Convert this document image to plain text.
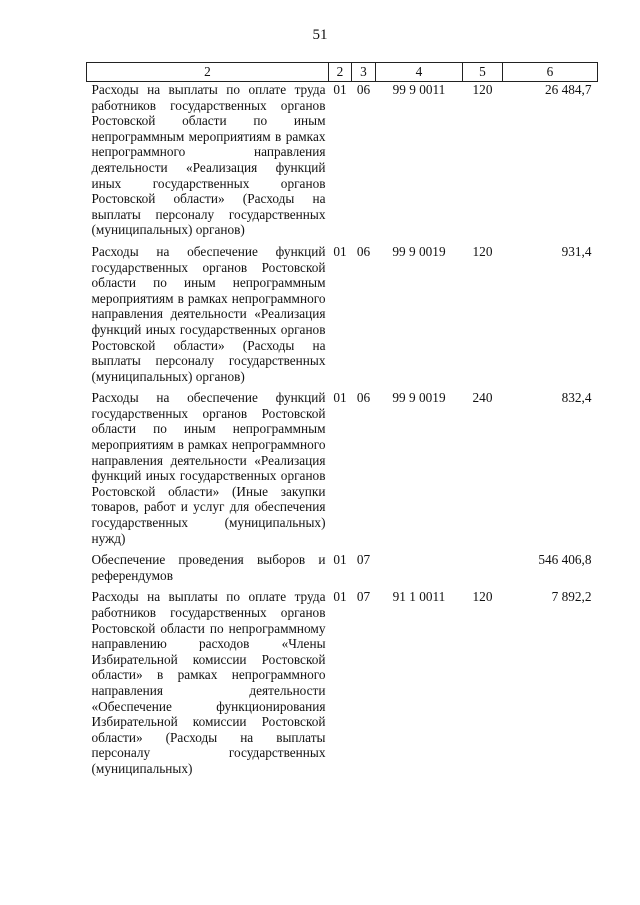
51
2	2	3	4	5	6
Расходы на выплаты по оплате труда работников государственных органов Ростовской области по иным непрограммным мероприятиям в рамках непрограммного направления деятельности «Реализация функций иных государственных органов Ростовской области» (Расходы на выплаты персоналу государственных (муниципальных) органов)	01	06	99 9 0011	120	26 484,7

Расходы на обеспечение функций государственных органов Ростовской области по иным непрограммным мероприятиям в рамках непрограммного направления деятельности «Реализация функций иных государственных органов Ростовской области» (Расходы на выплаты персоналу государственных (муниципальных) органов)	01	06	99 9 0019	120	931,4

Расходы на обеспечение функций государственных органов Ростовской области по иным непрограммным мероприятиям в рамках непрограммного направления деятельности «Реализация функций иных государственных органов Ростовской области» (Иные закупки товаров, работ и услуг для обеспечения государственных (муниципальных) нужд)	01	06	99 9 0019	240	832,4

Обеспечение проведения выборов и референдумов	01	07			546 406,8

Расходы на выплаты по оплате труда работников государственных органов Ростовской области по непрограммному направлению расходов «Члены Избирательной комиссии Ростовской области» в рамках непрограммного направления деятельности «Обеспечение функционирования Избирательной комиссии Ростовской области» (Расходы на выплаты персоналу государственных (муниципальных)	01	07	91 1 0011	120	7 892,2
